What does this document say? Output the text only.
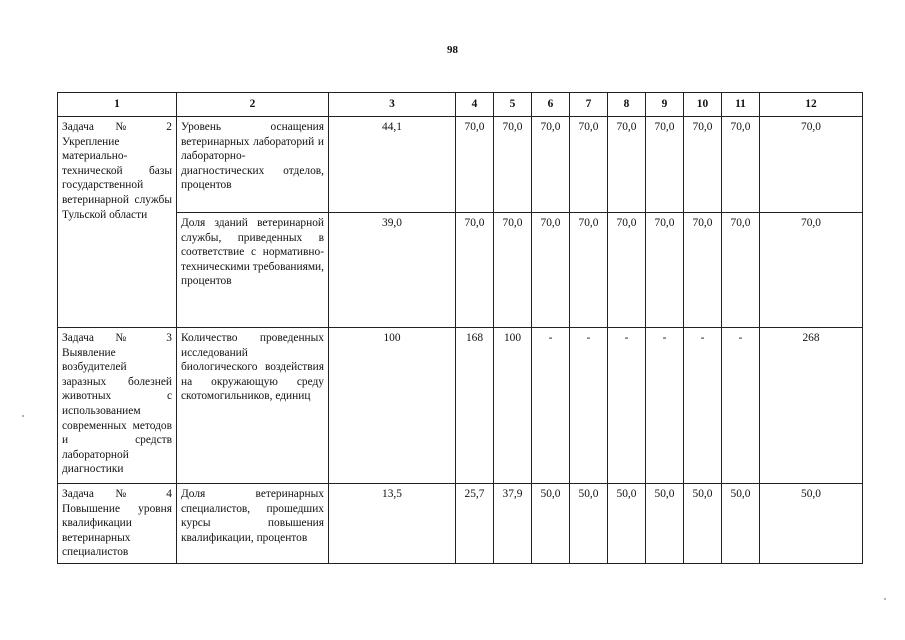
98
1	2	3	4	5	6	7	8	9	10	11	12
Задача № 2 Укрепление материально-технической базы государственной ветеринарной службы Тульской области	Уровень оснащения ветеринарных лабораторий и лабораторно-диагностических отделов, процентов	44,1	70,0	70,0	70,0	70,0	70,0	70,0	70,0	70,0	70,0
	Доля зданий ветеринарной службы, приведенных в соответствие с нормативно-техническими требованиями, процентов	39,0	70,0	70,0	70,0	70,0	70,0	70,0	70,0	70,0	70,0
Задача № 3 Выявление возбудителей заразных болезней животных с использованием современных методов и средств лабораторной диагностики	Количество проведенных исследований биологического воздействия на окружающую среду скотомогильников, единиц	100	168	100	-	-	-	-	-	-	268
Задача № 4 Повышение уровня квалификации ветеринарных специалистов	Доля ветеринарных специалистов, прошедших курсы повышения квалификации, процентов	13,5	25,7	37,9	50,0	50,0	50,0	50,0	50,0	50,0	50,0
